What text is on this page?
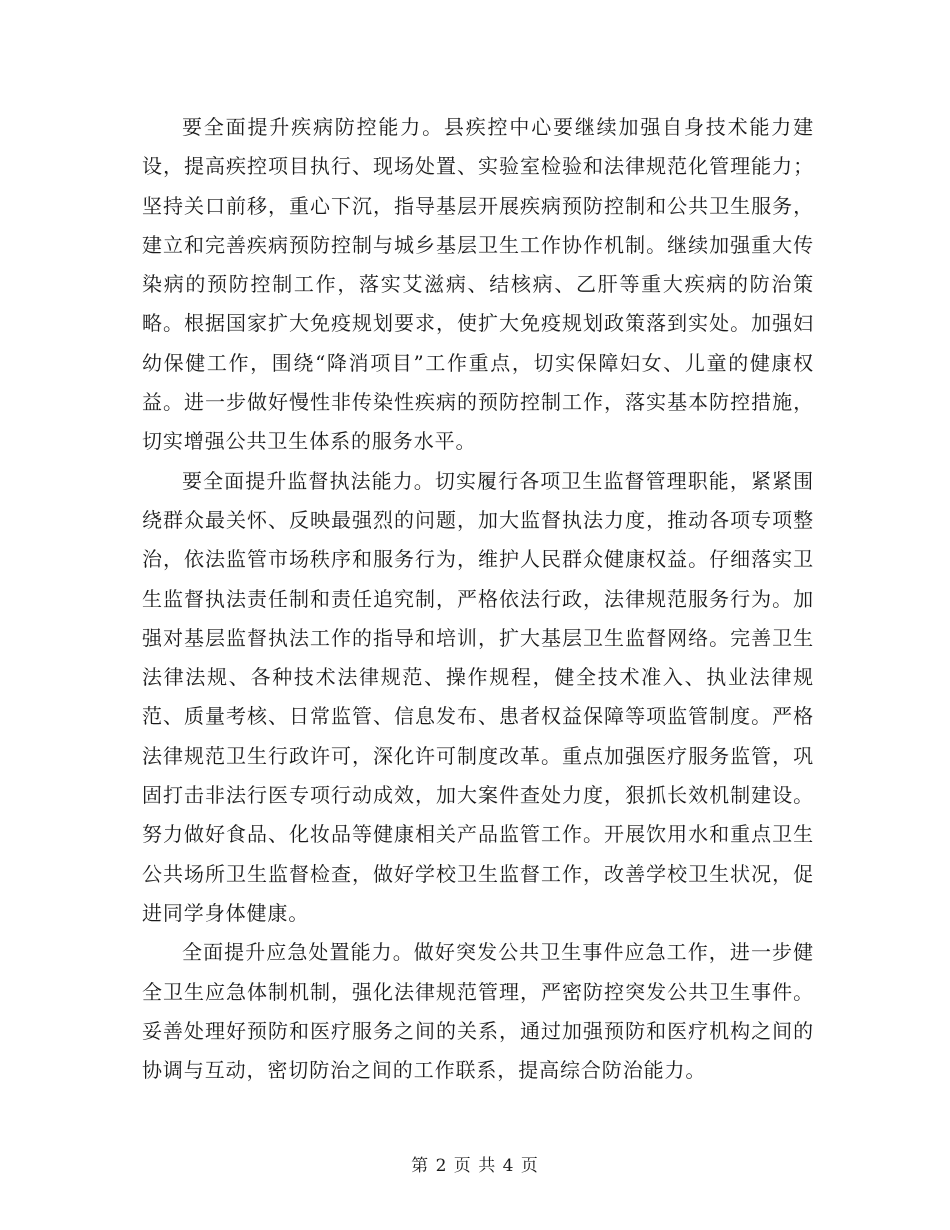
要全面提升疾病防控能力。县疾控中心要继续加强自身技术能力建设，提高疾控项目执行、现场处置、实验室检验和法律规范化管理能力；坚持关口前移，重心下沉，指导基层开展疾病预防控制和公共卫生服务，建立和完善疾病预防控制与城乡基层卫生工作协作机制。继续加强重大传染病的预防控制工作，落实艾滋病、结核病、乙肝等重大疾病的防治策略。根据国家扩大免疫规划要求，使扩大免疫规划政策落到实处。加强妇幼保健工作，围绕“降消项目”工作重点，切实保障妇女、儿童的健康权益。进一步做好慢性非传染性疾病的预防控制工作，落实基本防控措施，切实增强公共卫生体系的服务水平。

要全面提升监督执法能力。切实履行各项卫生监督管理职能，紧紧围绕群众最关怀、反映最强烈的问题，加大监督执法力度，推动各项专项整治，依法监管市场秩序和服务行为，维护人民群众健康权益。仔细落实卫生监督执法责任制和责任追究制，严格依法行政，法律规范服务行为。加强对基层监督执法工作的指导和培训，扩大基层卫生监督网络。完善卫生法律法规、各种技术法律规范、操作规程，健全技术准入、执业法律规范、质量考核、日常监管、信息发布、患者权益保障等项监管制度。严格法律规范卫生行政许可，深化许可制度改革。重点加强医疗服务监管，巩固打击非法行医专项行动成效，加大案件查处力度，狠抓长效机制建设。努力做好食品、化妆品等健康相关产品监管工作。开展饮用水和重点卫生公共场所卫生监督检查，做好学校卫生监督工作，改善学校卫生状况，促进同学身体健康。

全面提升应急处置能力。做好突发公共卫生事件应急工作，进一步健全卫生应急体制机制，强化法律规范管理，严密防控突发公共卫生事件。妥善处理好预防和医疗服务之间的关系，通过加强预防和医疗机构之间的协调与互动，密切防治之间的工作联系，提高综合防治能力。

第 2 页 共 4 页
